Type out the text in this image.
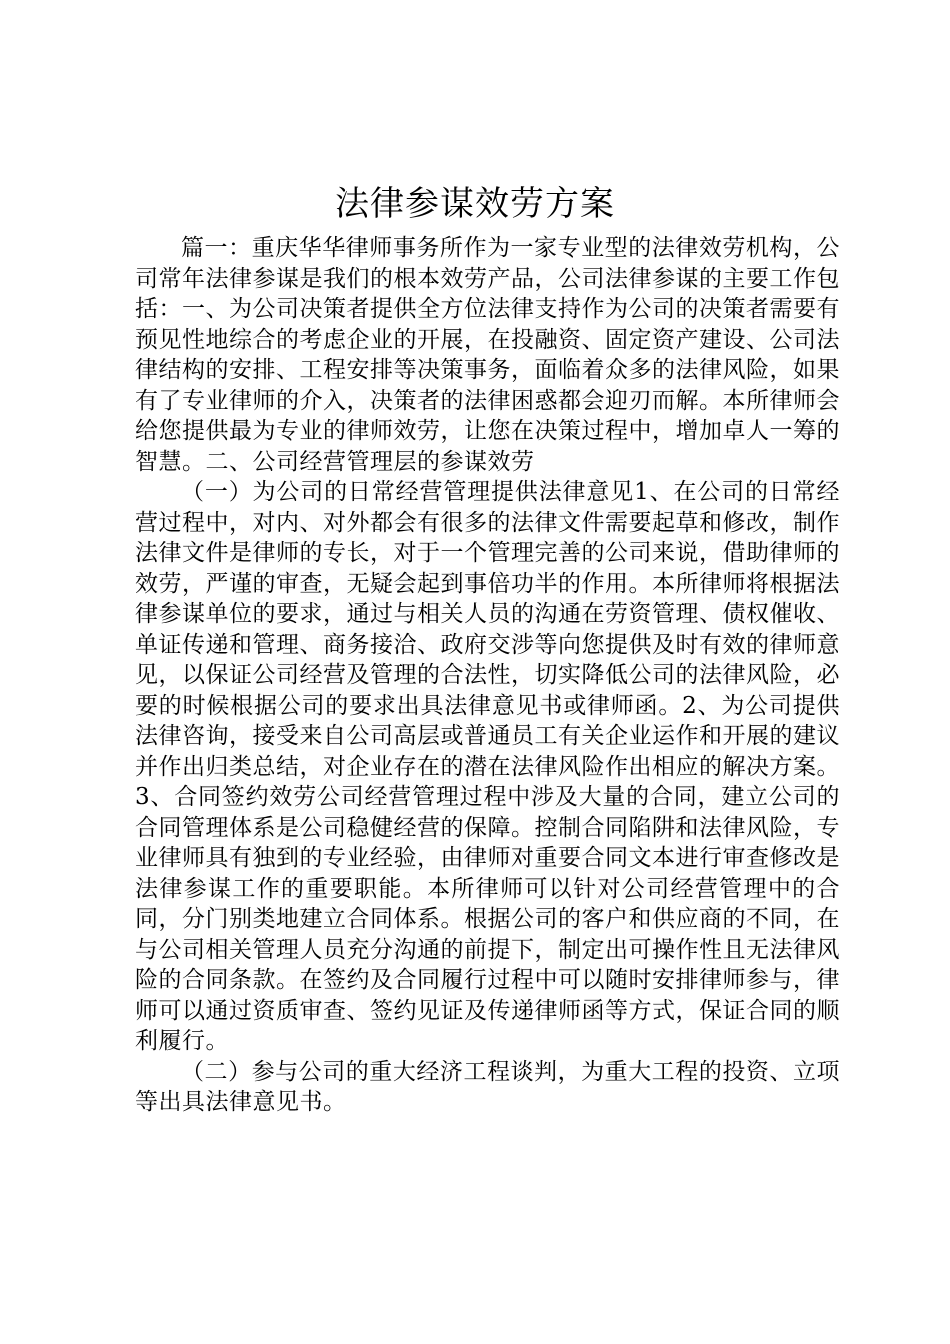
法律参谋效劳方案

篇一：重庆华华律师事务所作为一家专业型的法律效劳机构，公司常年法律参谋是我们的根本效劳产品，公司法律参谋的主要工作包括：一、为公司决策者提供全方位法律支持作为公司的决策者需要有预见性地综合的考虑企业的开展，在投融资、固定资产建设、公司法律结构的安排、工程安排等决策事务，面临着众多的法律风险，如果有了专业律师的介入，决策者的法律困惑都会迎刃而解。本所律师会给您提供最为专业的律师效劳，让您在决策过程中，增加卓人一筹的智慧。二、公司经营管理层的参谋效劳

（一）为公司的日常经营管理提供法律意见1、在公司的日常经营过程中，对内、对外都会有很多的法律文件需要起草和修改，制作法律文件是律师的专长，对于一个管理完善的公司来说，借助律师的效劳，严谨的审查，无疑会起到事倍功半的作用。本所律师将根据法律参谋单位的要求，通过与相关人员的沟通在劳资管理、债权催收、单证传递和管理、商务接洽、政府交涉等向您提供及时有效的律师意见，以保证公司经营及管理的合法性，切实降低公司的法律风险，必要的时候根据公司的要求出具法律意见书或律师函。2、为公司提供法律咨询，接受来自公司高层或普通员工有关企业运作和开展的建议并作出归类总结，对企业存在的潜在法律风险作出相应的解决方案。3、合同签约效劳公司经营管理过程中涉及大量的合同，建立公司的合同管理体系是公司稳健经营的保障。控制合同陷阱和法律风险，专业律师具有独到的专业经验，由律师对重要合同文本进行审查修改是法律参谋工作的重要职能。本所律师可以针对公司经营管理中的合同，分门别类地建立合同体系。根据公司的客户和供应商的不同，在与公司相关管理人员充分沟通的前提下，制定出可操作性且无法律风险的合同条款。在签约及合同履行过程中可以随时安排律师参与，律师可以通过资质审查、签约见证及传递律师函等方式，保证合同的顺利履行。

（二）参与公司的重大经济工程谈判，为重大工程的投资、立项等出具法律意见书。
